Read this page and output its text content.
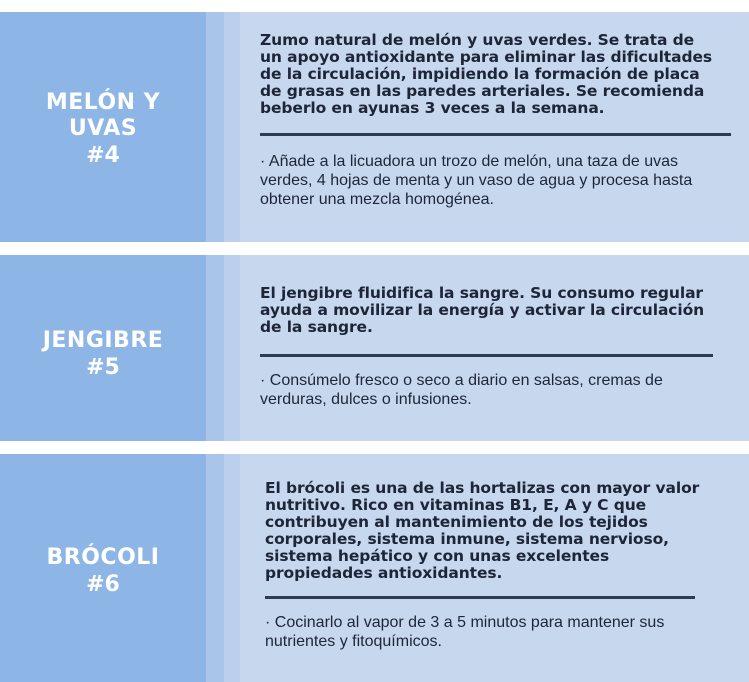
MELÓN Y
UVAS
#4
Zumo natural de melón y uvas verdes. Se trata de un apoyo antioxidante para eliminar las dificultades de la circulación, impidiendo la formación de placa de grasas en las paredes arteriales. Se recomienda beberlo en ayunas 3 veces a la semana.
· Añade a la licuadora un trozo de melón, una taza de uvas verdes, 4 hojas de menta y un vaso de agua y procesa hasta obtener una mezcla homogénea.
JENGIBRE
#5
El jengibre fluidifica la sangre. Su consumo regular ayuda a movilizar la energía y activar la circulación de la sangre.
· Consúmelo fresco o seco a diario en salsas, cremas de verduras, dulces o infusiones.
BRÓCOLI
#6
El brócoli es una de las hortalizas con mayor valor nutritivo. Rico en vitaminas B1, E, A y C que contribuyen al mantenimiento de los tejidos corporales, sistema inmune, sistema nervioso, sistema hepático y con unas excelentes propiedades antioxidantes.
· Cocinarlo al vapor de 3 a 5 minutos para mantener sus nutrientes y fitoquímicos.
